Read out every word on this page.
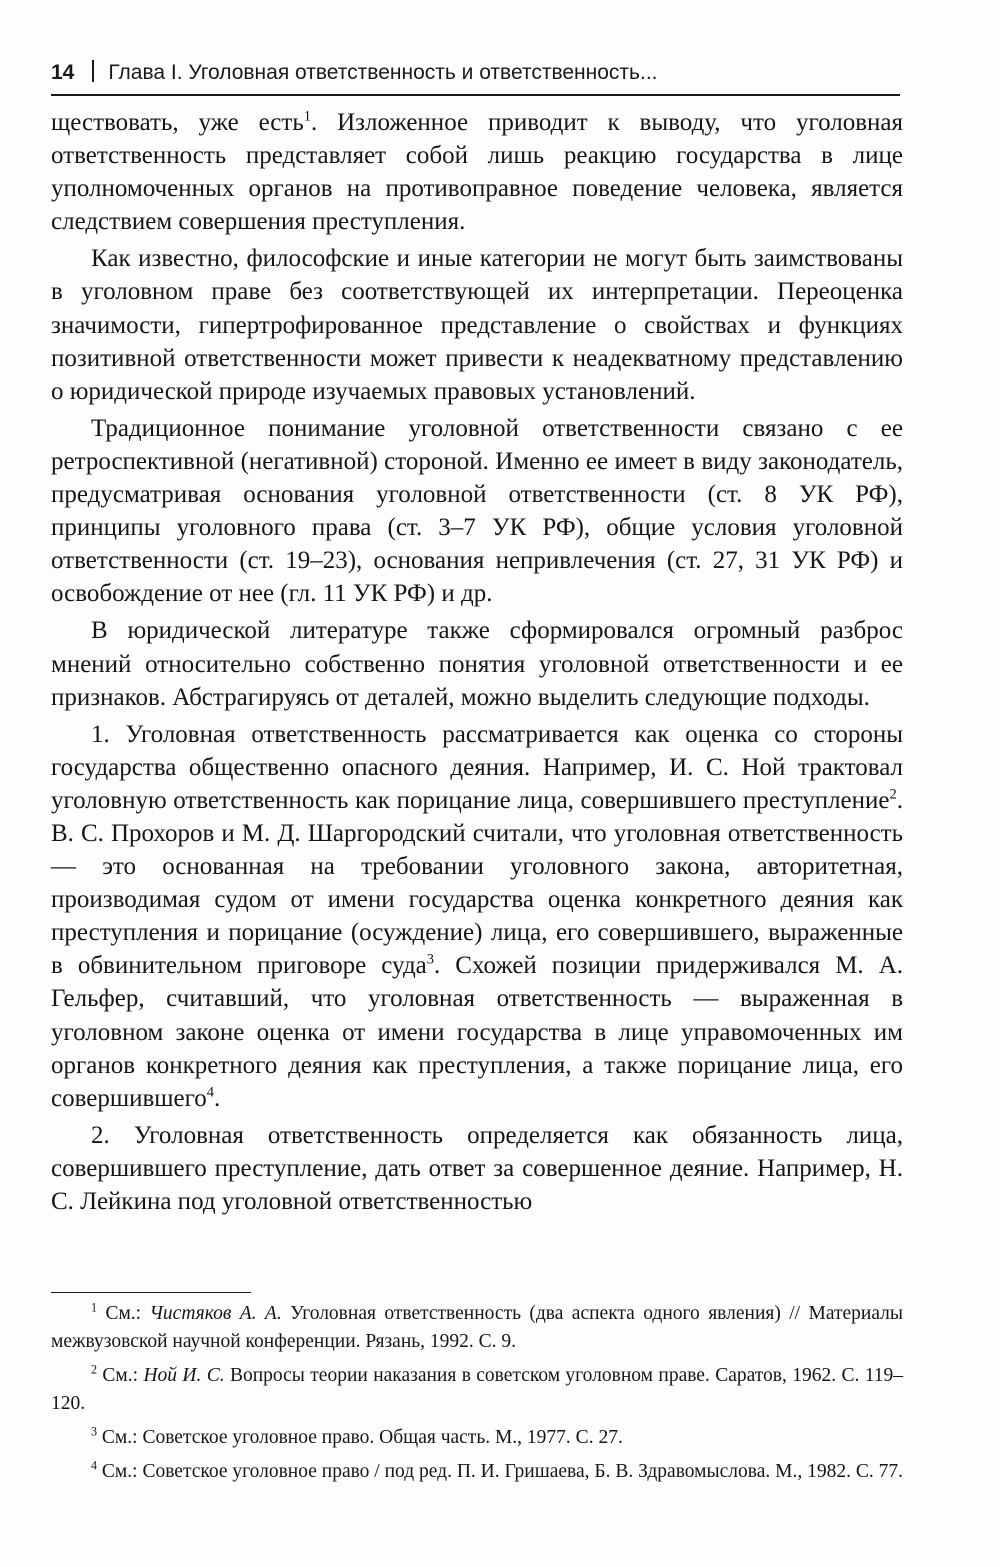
14 Глава I. Уголовная ответственность и ответственность...

ществовать, уже есть$^1$. Изложенное приводит к выводу, что уголовная ответственность представляет собой лишь реакцию государства в лице уполномоченных органов на противоправное поведение человека, является следствием совершения преступления.

Как известно, философские и иные категории не могут быть заимствованы в уголовном праве без соответствующей их интерпретации. Переоценка значимости, гипертрофированное представление о свойствах и функциях позитивной ответственности может привести к неадекватному представлению о юридической природе изучаемых правовых установлений.

Традиционное понимание уголовной ответственности связано с ее ретроспективной (негативной) стороной. Именно ее имеет в виду законодатель, предусматривая основания уголовной ответственности (ст. 8 УК РФ), принципы уголовного права (ст. 3–7 УК РФ), общие условия уголовной ответственности (ст. 19–23), основания непривлечения (ст. 27, 31 УК РФ) и освобождение от нее (гл. 11 УК РФ) и др.

В юридической литературе также сформировался огромный разброс мнений относительно собственно понятия уголовной ответственности и ее признаков. Абстрагируясь от деталей, можно выделить следующие подходы.

1. Уголовная ответственность рассматривается как оценка со стороны государства общественно опасного деяния. Например, И. С. Ной трактовал уголовную ответственность как порицание лица, совершившего преступление$^2$. В. С. Прохоров и М. Д. Шаргородский считали, что уголовная ответственность — это основанная на требовании уголовного закона, авторитетная, производимая судом от имени государства оценка конкретного деяния как преступления и порицание (осуждение) лица, его совершившего, выраженные в обвинительном приговоре суда$^3$. Схожей позиции придерживался М. А. Гельфер, считавший, что уголовная ответственность — выраженная в уголовном законе оценка от имени государства в лице управомоченных им органов конкретного деяния как преступления, а также порицание лица, его совершившего$^4$.

2. Уголовная ответственность определяется как обязанность лица, совершившего преступление, дать ответ за совершенное деяние. Например, Н. С. Лейкина под уголовной ответственностью

$^1$ См.: Чистяков А. А. Уголовная ответственность (два аспекта одного явления) // Материалы межвузовской научной конференции. Рязань, 1992. С. 9.

$^2$ См.: Ной И. С. Вопросы теории наказания в советском уголовном праве. Саратов, 1962. С. 119–120.

$^3$ См.: Советское уголовное право. Общая часть. М., 1977. С. 27.

$^4$ См.: Советское уголовное право / под ред. П. И. Гришаева, Б. В. Здравомыслова. М., 1982. С. 77.
